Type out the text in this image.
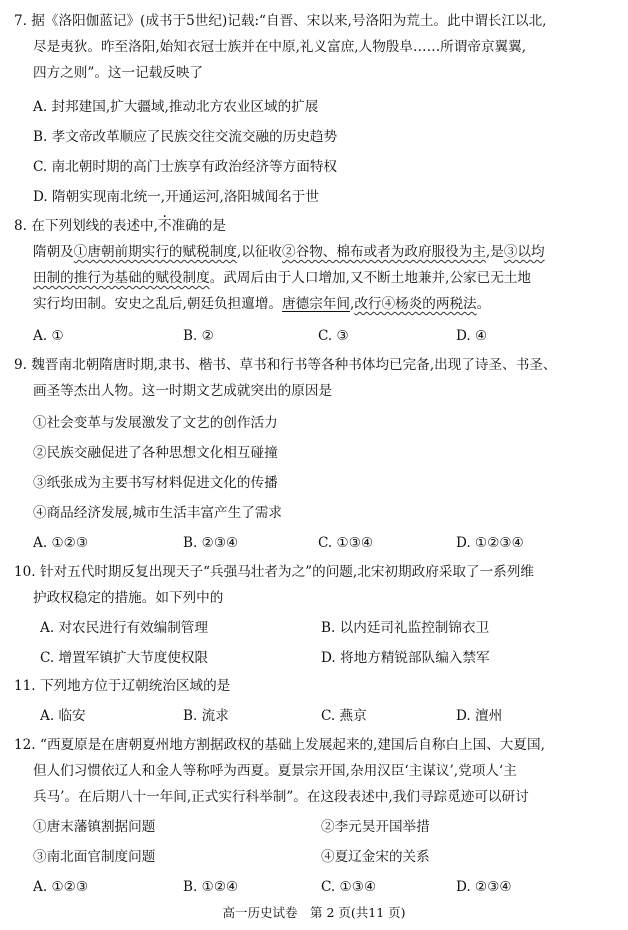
7. 据《洛阳伽蓝记》(成书于5世纪)记载:“自晋、宋以来,号洛阳为荒土。此中谓长江以北,
尽是夷狄。昨至洛阳,始知衣冠士族并在中原,礼义富庶,人物殷阜……所谓帝京翼翼,
四方之则”。这一记载反映了
A. 封邦建国,扩大疆域,推动北方农业区域的扩展
B. 孝文帝改革顺应了民族交往交流交融的历史趋势
C. 南北朝时期的高门士族享有政治经济等方面特权
D. 隋朝实现南北统一,开通运河,洛阳城闻名于世
8. 在下列划线的表述中,不准确的是
隋朝及①唐朝前期实行的赋税制度,以征收②谷物、棉布或者为政府服役为主,是③以均
田制的推行为基础的赋役制度。武周后由于人口增加,又不断土地兼并,公家已无土地
实行均田制。安史之乱后,朝廷负担邅增。唐德宗年间,改行④杨炎的两税法。
A. ①	B. ②	C. ③	D. ④
9. 魏晋南北朝隋唐时期,隶书、楷书、草书和行书等各种书体均已完备,出现了诗圣、书圣、
画圣等杰出人物。这一时期文艺成就突出的原因是
①社会变革与发展激发了文艺的创作活力
②民族交融促进了各种思想文化相互碰撞
③纸张成为主要书写材料促进文化的传播
④商品经济发展,城市生活丰富产生了需求
A. ①②③	B. ②③④	C. ①③④	D. ①②③④
10. 针对五代时期反复出现天子“兵强马壮者为之”的问题,北宋初期政府采取了一系列维
护政权稳定的措施。如下列中的
A. 对农民进行有效编制管理	B. 以内廷司礼监控制锦衣卫
C. 增置军镇扩大节度使权限	D. 将地方精锐部队编入禁军
11. 下列地方位于辽朝统治区域的是
A. 临安	B. 流求	C. 燕京	D. 澶州
12. “西夏原是在唐朝夏州地方割据政权的基础上发展起来的,建国后自称白上国、大夏国,
但人们习惯依辽人和金人等称呼为西夏。夏景宗开国,杂用汉臣‘主谋议’,党项人‘主
兵马’。在后期八十一年间,正式实行科举制”。在这段表述中,我们寻踪觅迹可以研讨
①唐末藩镇割据问题	②李元昊开国举措
③南北面官制度问题	④夏辽金宋的关系
A. ①②③	B. ①②④	C. ①③④	D. ②③④
高一历史试卷　第 2 页(共11 页)
